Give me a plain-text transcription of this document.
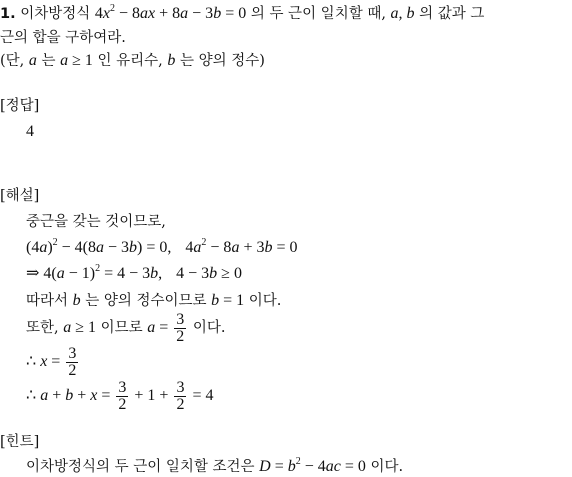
1. 이차방정식 $4x^2 - 8ax + 8a - 3b = 0$ 의 두 근이 일치할 때, a, b 의 값과 그
근의 합을 구하여라.
(단, a 는 a ≥ 1 인 유리수, b 는 양의 정수)
[정답]
4
[해설]
중근을 갖는 것이므로,
$(4a)^2 - 4(8a - 3b) = 0$, $4a^2 - 8a + 3b = 0$
⇒ $4(a - 1)^2 = 4 - 3b$, 4 − 3b ≥ 0
따라서 b 는 양의 정수이므로 b = 1 이다.
또한, a ≥ 1 이므로 $a = \frac{3}{2}$ 이다.
∴ $x = \frac{3}{2}$
∴ $a + b + x = \frac{3}{2} + 1 + \frac{3}{2} = 4$
[힌트]
이차방정식의 두 근이 일치할 조건은 $D = b^2 - 4ac = 0$ 이다.
